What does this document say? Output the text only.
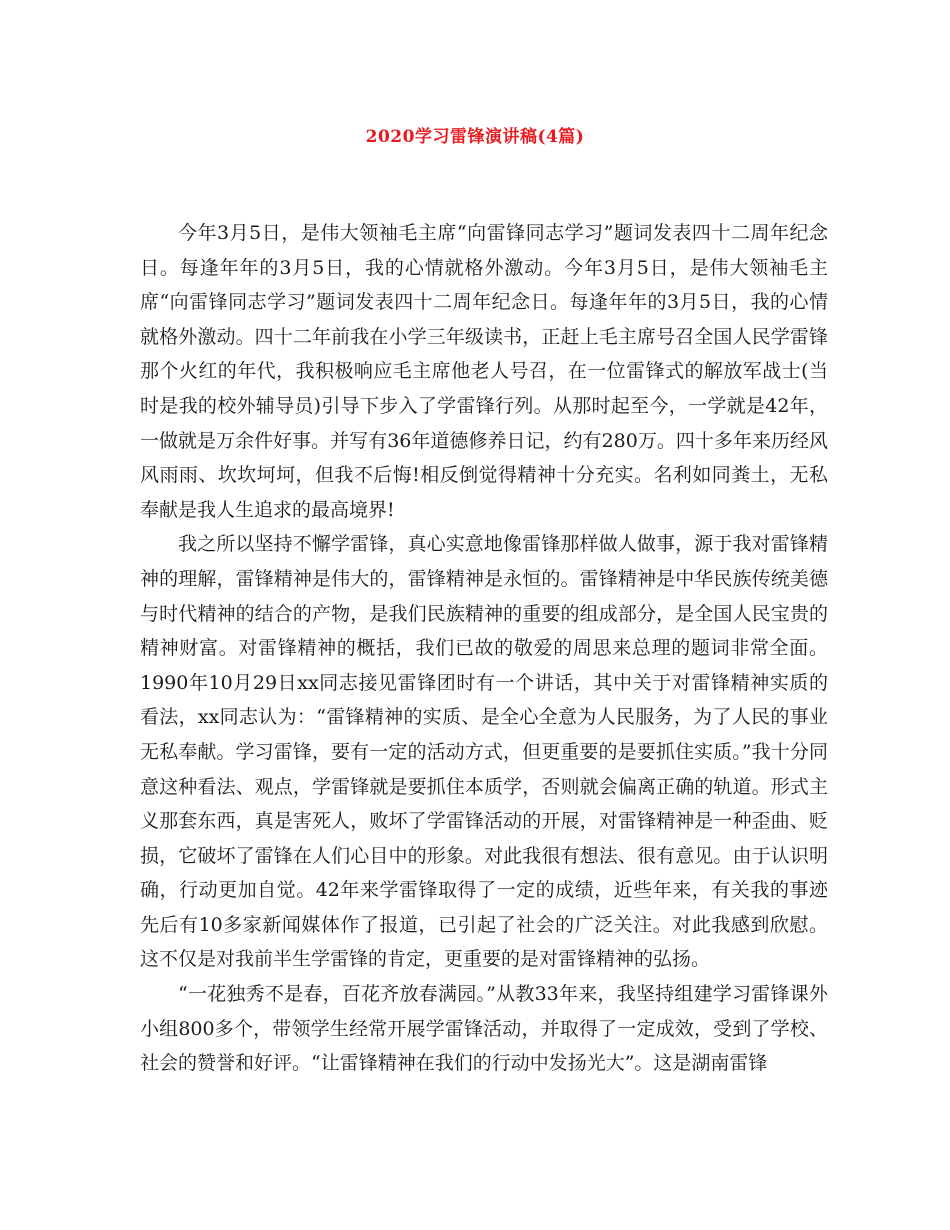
2020学习雷锋演讲稿(4篇)

今年3月5日，是伟大领袖毛主席“向雷锋同志学习”题词发表四十二周年纪念日。每逢年年的3月5日，我的心情就格外激动。今年3月5日，是伟大领袖毛主席“向雷锋同志学习”题词发表四十二周年纪念日。每逢年年的3月5日，我的心情就格外激动。四十二年前我在小学三年级读书，正赶上毛主席号召全国人民学雷锋那个火红的年代，我积极响应毛主席他老人号召，在一位雷锋式的解放军战士(当时是我的校外辅导员)引导下步入了学雷锋行列。从那时起至今，一学就是42年，一做就是万余件好事。并写有36年道德修养日记，约有280万。四十多年来历经风风雨雨、坎坎坷坷，但我不后悔!相反倒觉得精神十分充实。名利如同粪土，无私奉献是我人生追求的最高境界!

我之所以坚持不懈学雷锋，真心实意地像雷锋那样做人做事，源于我对雷锋精神的理解，雷锋精神是伟大的，雷锋精神是永恒的。雷锋精神是中华民族传统美德与时代精神的结合的产物，是我们民族精神的重要的组成部分，是全国人民宝贵的精神财富。对雷锋精神的概括，我们已故的敬爱的周思来总理的题词非常全面。1990年10月29日xx同志接见雷锋团时有一个讲话，其中关于对雷锋精神实质的看法，xx同志认为：“雷锋精神的实质、是全心全意为人民服务，为了人民的事业无私奉献。学习雷锋，要有一定的活动方式，但更重要的是要抓住实质。”我十分同意这种看法、观点，学雷锋就是要抓住本质学，否则就会偏离正确的轨道。形式主义那套东西，真是害死人，败坏了学雷锋活动的开展，对雷锋精神是一种歪曲、贬损，它破坏了雷锋在人们心目中的形象。对此我很有想法、很有意见。由于认识明确，行动更加自觉。42年来学雷锋取得了一定的成绩，近些年来，有关我的事迹先后有10多家新闻媒体作了报道，已引起了社会的广泛关注。对此我感到欣慰。这不仅是对我前半生学雷锋的肯定，更重要的是对雷锋精神的弘扬。

“一花独秀不是春，百花齐放春满园。”从教33年来，我坚持组建学习雷锋课外小组800多个，带领学生经常开展学雷锋活动，并取得了一定成效，受到了学校、社会的赞誉和好评。“让雷锋精神在我们的行动中发扬光大”。这是湖南雷锋
